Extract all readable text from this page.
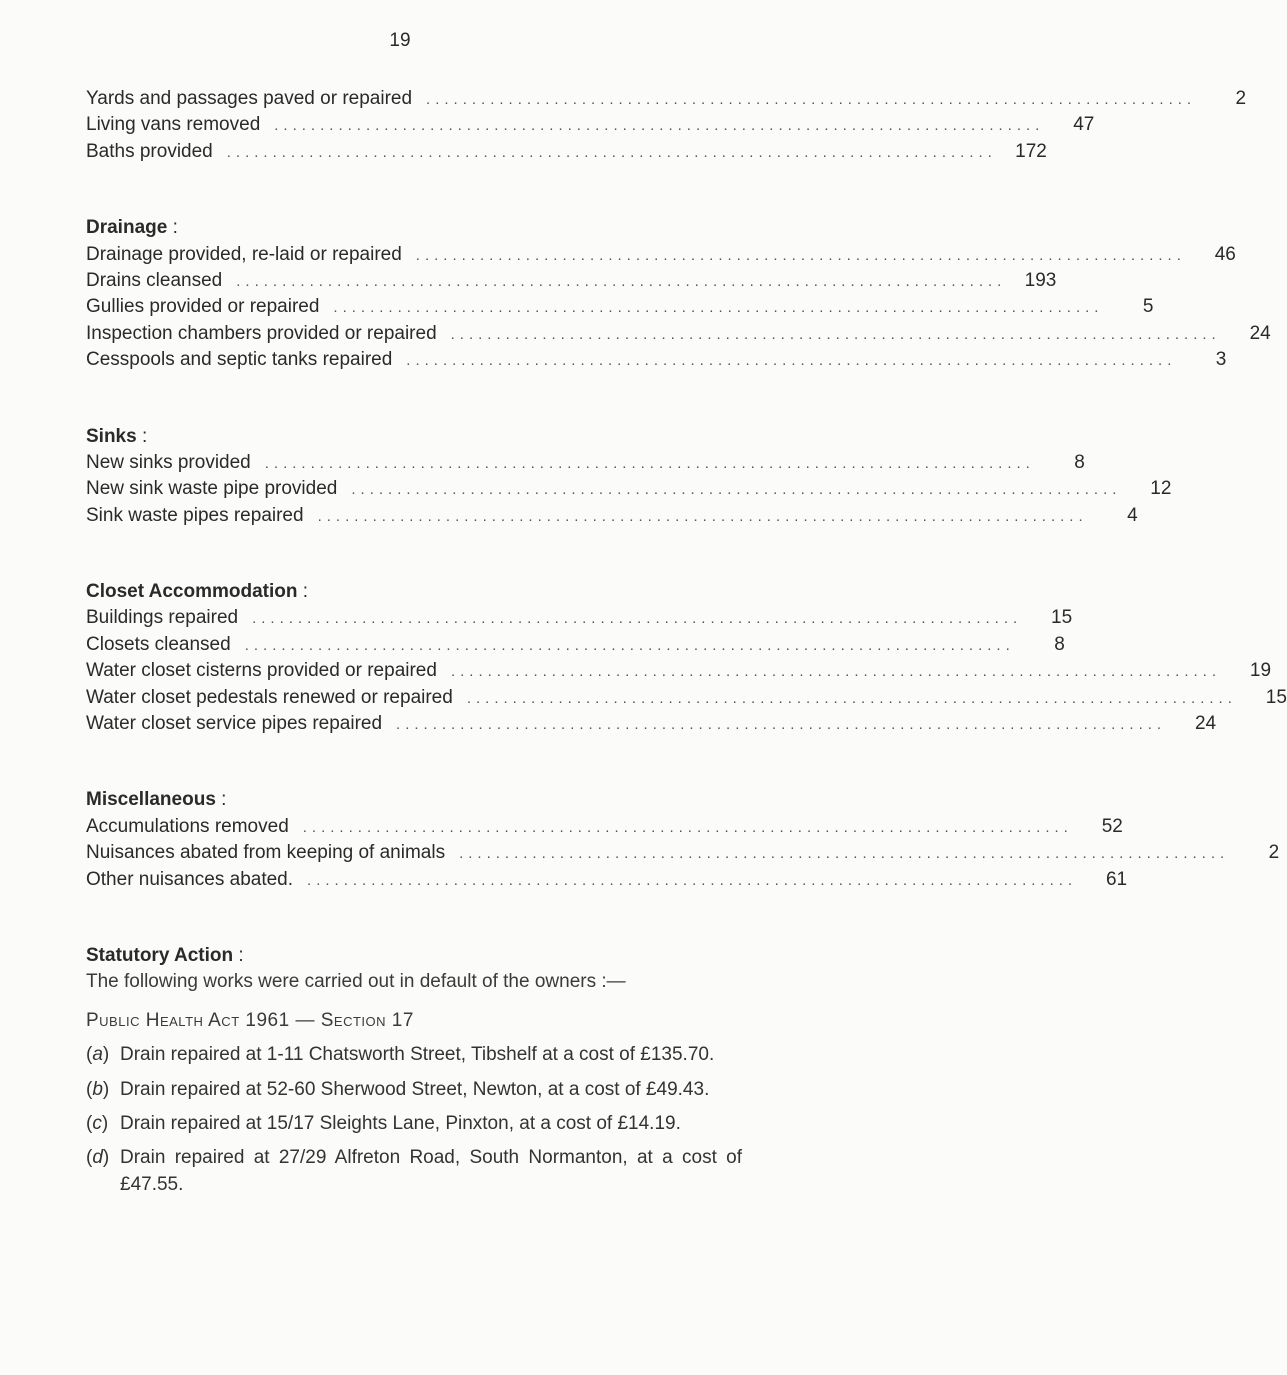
19
Yards and passages paved or repaired ....................................................................................	2
Living vans removed ....................................................................................	47
Baths provided .................................................................................... 172
Drainage :
Drainage provided, re-laid or repaired ....................................................................................	46
Drains cleansed .................................................................................... 193
Gullies provided or repaired ....................................................................................	5
Inspection chambers provided or repaired ....................................................................................	24
Cesspools and septic tanks repaired ....................................................................................	3
Sinks :
New sinks provided ....................................................................................	8
New sink waste pipe provided ....................................................................................	12
Sink waste pipes repaired ....................................................................................	4
Closet Accommodation :
Buildings repaired ....................................................................................	15
Closets cleansed ....................................................................................	8
Water closet cisterns provided or repaired ....................................................................................	19
Water closet pedestals renewed or repaired ....................................................................................	15
Water closet service pipes repaired ....................................................................................	24
Miscellaneous :
Accumulations removed ....................................................................................	52
Nuisances abated from keeping of animals ....................................................................................	2
Other nuisances abated. ....................................................................................	61
Statutory Action :
The following works were carried out in default of the owners :—
Public Health Act 1961 — Section 17
(a) Drain repaired at 1-11 Chatsworth Street, Tibshelf at a cost of £135.70.
(b) Drain repaired at 52-60 Sherwood Street, Newton, at a cost of £49.43.
(c) Drain repaired at 15/17 Sleights Lane, Pinxton, at a cost of £14.19.
(d) Drain repaired at 27/29 Alfreton Road, South Normanton, at a cost of £47.55.
